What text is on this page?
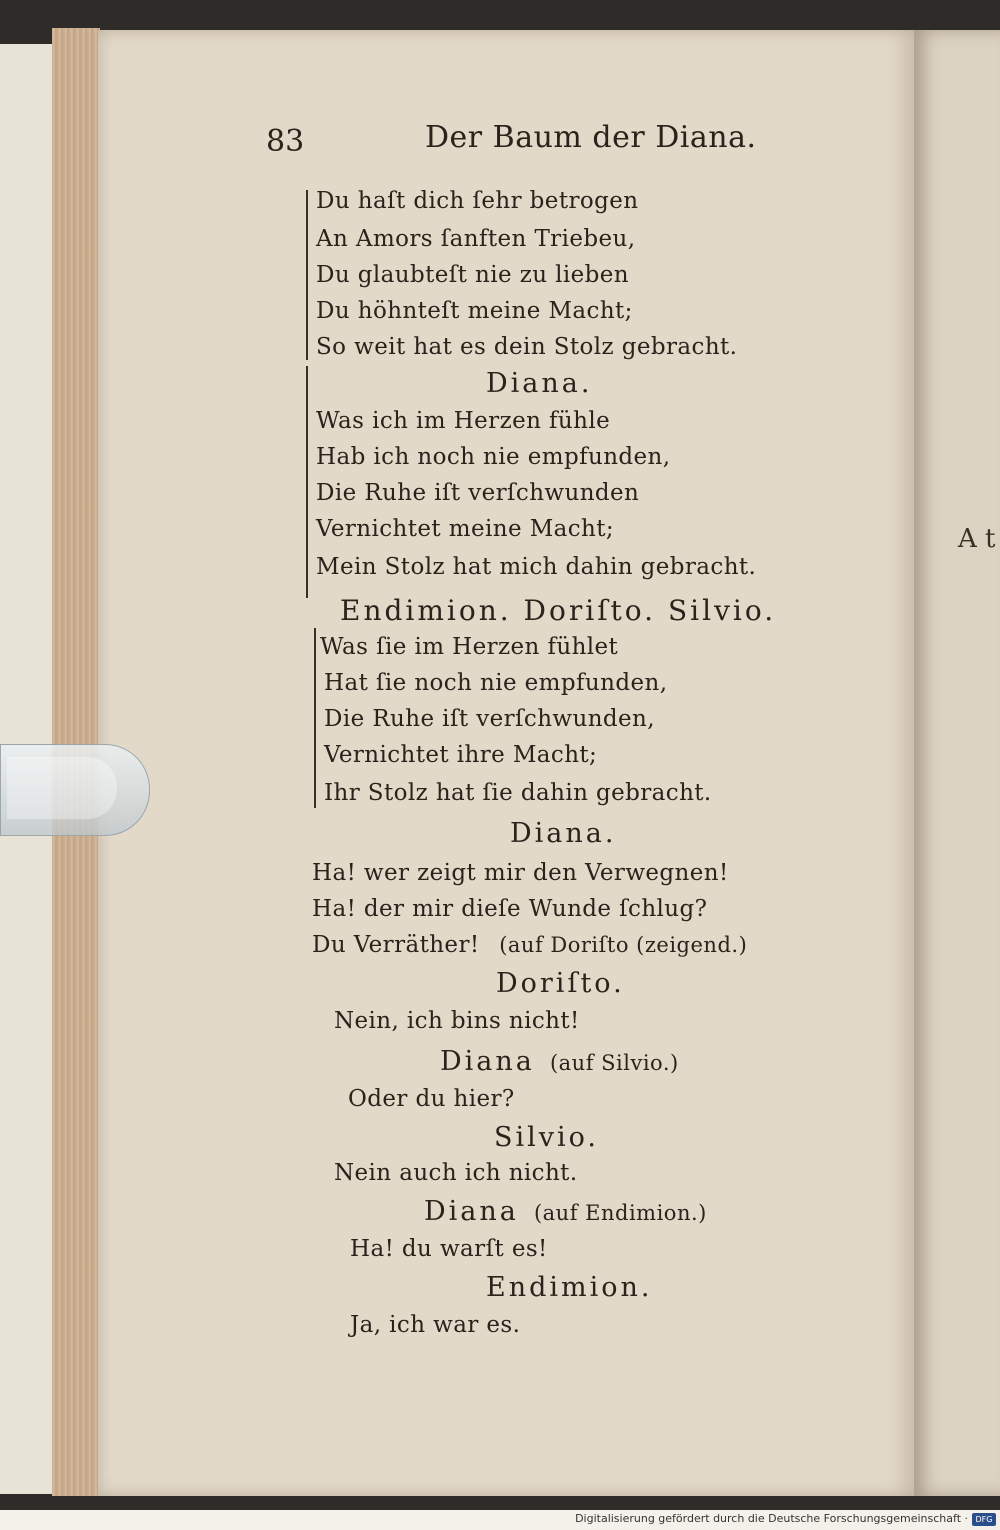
A t
83	Der Baum der Diana.
Du haſt dich ſehr betrogen
An Amors ſanften Triebeu,
Du glaubteſt nie zu lieben
Du höhnteſt meine Macht;
So weit hat es dein Stolz gebracht.
Diana.
Was ich im Herzen fühle
Hab ich noch nie empfunden,
Die Ruhe iſt verſchwunden
Vernichtet meine Macht;
Mein Stolz hat mich dahin gebracht.
Endimion. Doriſto. Silvio.
Was ſie im Herzen fühlet
Hat ſie noch nie empfunden,
Die Ruhe iſt verſchwunden,
Vernichtet ihre Macht;
Ihr Stolz hat ſie dahin gebracht.
Diana.
Ha! wer zeigt mir den Verwegnen!
Ha! der mir dieſe Wunde ſchlug?
Du Verräther! (auf Doriſto (zeigend.)
Doriſto.
Nein, ich bins nicht!
Diana (auf Silvio.)
Oder du hier?
Silvio.
Nein auch ich nicht.
Diana (auf Endimion.)
Ha! du warſt es!
Endimion.
Ja, ich war es.
Digitalisierung gefördert durch die Deutsche Forschungsgemeinschaft · DFG
